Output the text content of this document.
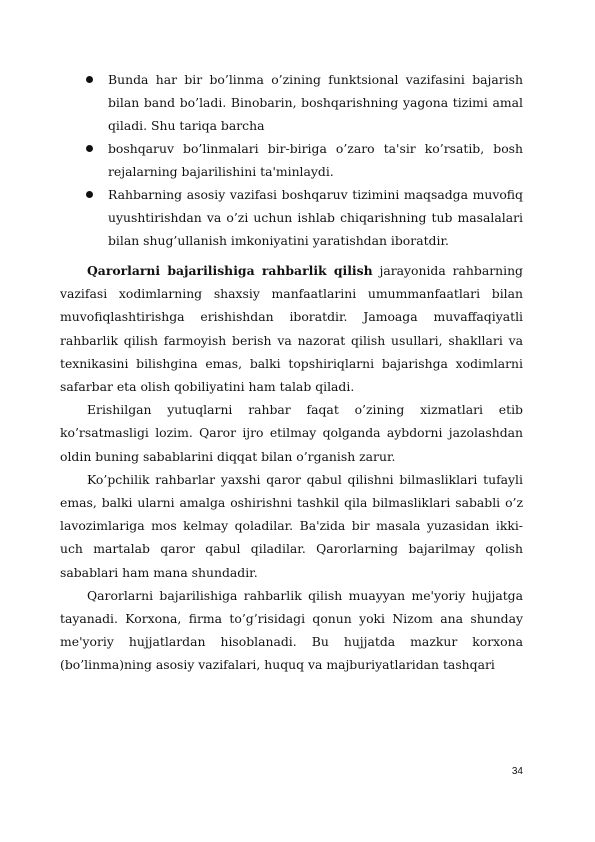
Bunda har bir bo’linma o’zining funktsional vazifasini bajarish bilan band bo’ladi. Binobarin, boshqarishning yagona tizimi amal qiladi. Shu tariqa barcha
boshqaruv bo’linmalari bir-biriga o’zaro ta'sir ko’rsatib, bosh rejalarning bajarilishini ta'minlaydi.
Rahbarning asosiy vazifasi boshqaruv tizimini maqsadga muvofiq uyushtirishdan va o’zi uchun ishlab chiqarishning tub masalalari bilan shug’ullanish imkoniyatini yaratishdan iboratdir.

Qarorlarni bajarilishiga rahbarlik qilish jarayonida rahbarning vazifasi xodimlarning shaxsiy manfaatlarini umummanfaatlari bilan muvofiqlashtirishga erishishdan iboratdir. Jamoaga muvaffaqiyatli rahbarlik qilish farmoyish berish va nazorat qilish usullari, shakllari va texnikasini bilishgina emas, balki topshiriqlarni bajarishga xodimlarni safarbar eta olish qobiliyatini ham talab qiladi.

Erishilgan yutuqlarni rahbar faqat o’zining xizmatlari etib ko’rsatmasligi lozim. Qaror ijro etilmay qolganda aybdorni jazolashdan oldin buning sabablarini diqqat bilan o’rganish zarur.

Ko’pchilik rahbarlar yaxshi qaror qabul qilishni bilmasliklari tufayli emas, balki ularni amalga oshirishni tashkil qila bilmasliklari sababli o’z lavozimlariga mos kelmay qoladilar. Ba'zida bir masala yuzasidan ikki-uch martalab qaror qabul qiladilar. Qarorlarning bajarilmay qolish sabablari ham mana shundadir.

Qarorlarni bajarilishiga rahbarlik qilish muayyan me'yoriy hujjatga tayanadi. Korxona, firma to’g’risidagi qonun yoki Nizom ana shunday me'yoriy hujjatlardan hisoblanadi. Bu hujjatda mazkur korxona (bo’linma)ning asosiy vazifalari, huquq va majburiyatlaridan tashqari

34
